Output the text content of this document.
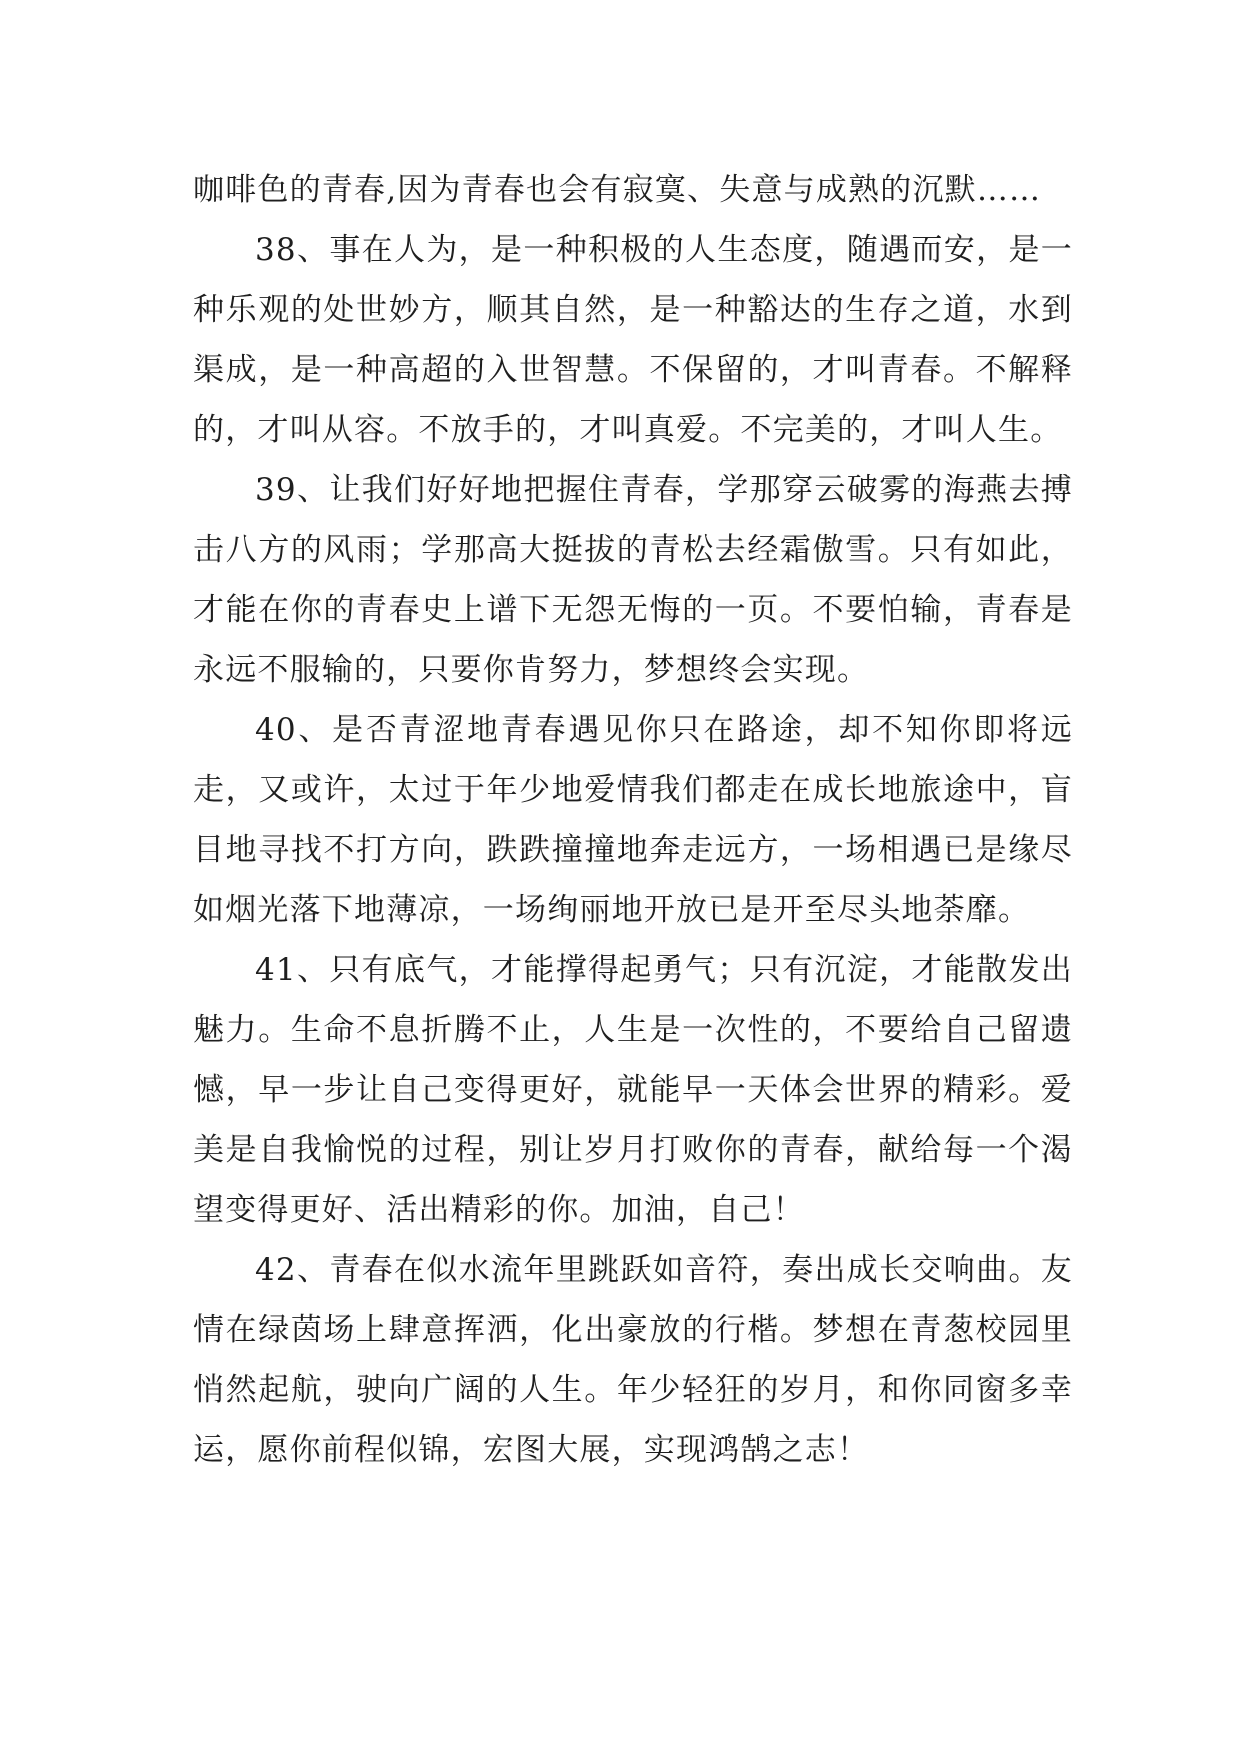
咖啡色的青春,因为青春也会有寂寞、失意与成熟的沉默……

38、事在人为，是一种积极的人生态度，随遇而安，是一种乐观的处世妙方，顺其自然，是一种豁达的生存之道，水到渠成，是一种高超的入世智慧。不保留的，才叫青春。不解释的，才叫从容。不放手的，才叫真爱。不完美的，才叫人生。

39、让我们好好地把握住青春，学那穿云破雾的海燕去搏击八方的风雨；学那高大挺拔的青松去经霜傲雪。只有如此，才能在你的青春史上谱下无怨无悔的一页。不要怕输，青春是永远不服输的，只要你肯努力，梦想终会实现。

40、是否青涩地青春遇见你只在路途，却不知你即将远走，又或许，太过于年少地爱情我们都走在成长地旅途中，盲目地寻找不打方向，跌跌撞撞地奔走远方，一场相遇已是缘尽如烟光落下地薄凉，一场绚丽地开放已是开至尽头地荼靡。

41、只有底气，才能撑得起勇气；只有沉淀，才能散发出魅力。生命不息折腾不止，人生是一次性的，不要给自己留遗憾，早一步让自己变得更好，就能早一天体会世界的精彩。爱美是自我愉悦的过程，别让岁月打败你的青春，献给每一个渴望变得更好、活出精彩的你。加油，自己！

42、青春在似水流年里跳跃如音符，奏出成长交响曲。友情在绿茵场上肆意挥洒，化出豪放的行楷。梦想在青葱校园里悄然起航，驶向广阔的人生。年少轻狂的岁月，和你同窗多幸运，愿你前程似锦，宏图大展，实现鸿鹄之志！
